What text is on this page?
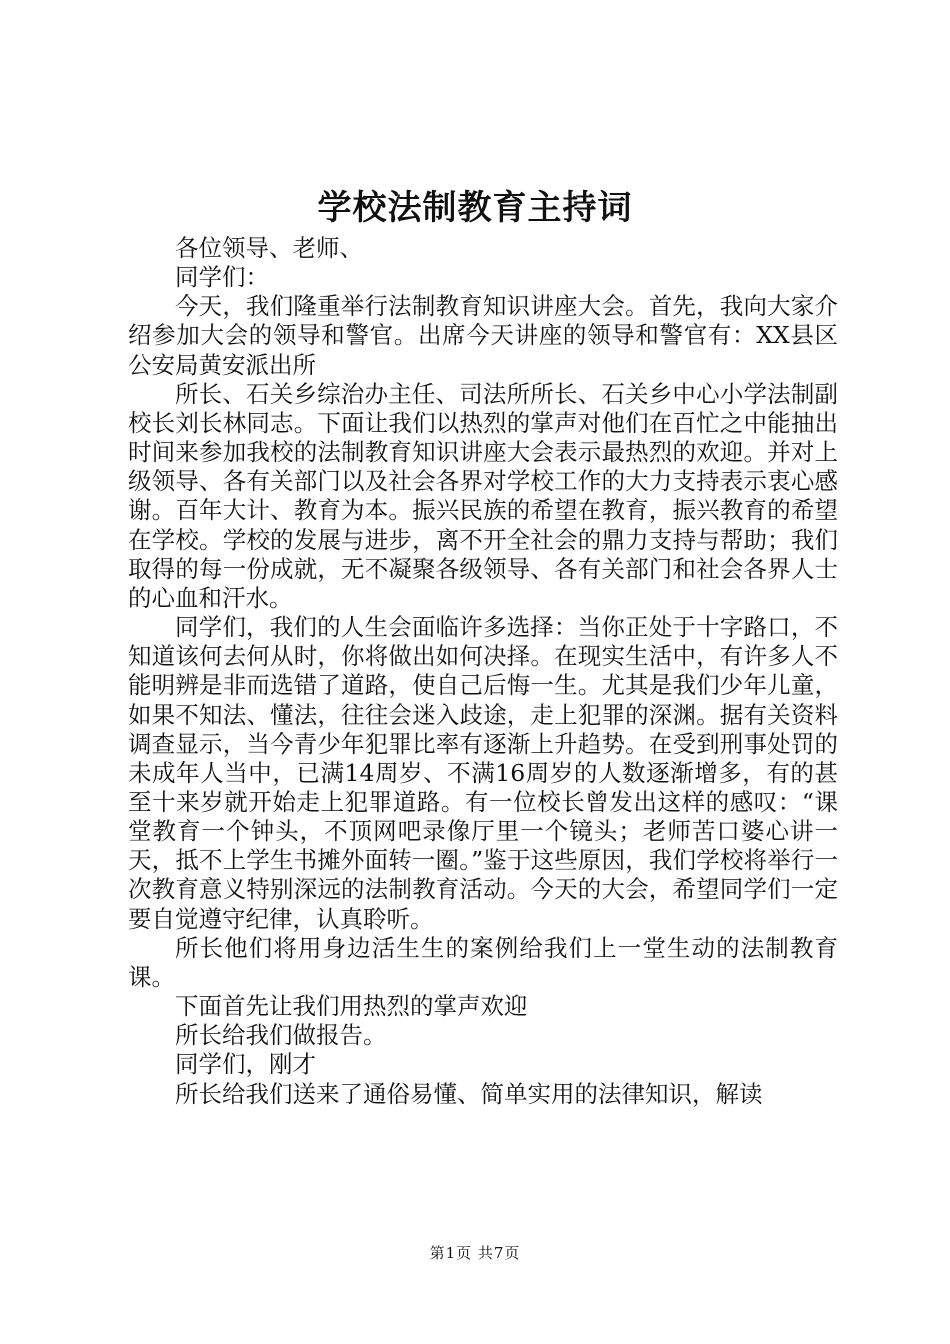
学校法制教育主持词

各位领导、老师、

同学们：

今天，我们隆重举行法制教育知识讲座大会。首先，我向大家介绍参加大会的领导和警官。出席今天讲座的领导和警官有：XX县区公安局黄安派出所

所长、石关乡综治办主任、司法所所长、石关乡中心小学法制副校长刘长林同志。下面让我们以热烈的掌声对他们在百忙之中能抽出时间来参加我校的法制教育知识讲座大会表示最热烈的欢迎。并对上级领导、各有关部门以及社会各界对学校工作的大力支持表示衷心感谢。百年大计、教育为本。振兴民族的希望在教育，振兴教育的希望在学校。学校的发展与进步，离不开全社会的鼎力支持与帮助；我们取得的每一份成就，无不凝聚各级领导、各有关部门和社会各界人士的心血和汗水。

同学们，我们的人生会面临许多选择：当你正处于十字路口，不知道该何去何从时，你将做出如何决择。在现实生活中，有许多人不能明辨是非而选错了道路，使自己后悔一生。尤其是我们少年儿童，如果不知法、懂法，往往会迷入歧途，走上犯罪的深渊。据有关资料调查显示，当今青少年犯罪比率有逐渐上升趋势。在受到刑事处罚的未成年人当中，已满14周岁、不满16周岁的人数逐渐增多，有的甚至十来岁就开始走上犯罪道路。有一位校长曾发出这样的感叹：“课堂教育一个钟头，不顶网吧录像厅里一个镜头；老师苦口婆心讲一天，抵不上学生书摊外面转一圈。”鉴于这些原因，我们学校将举行一次教育意义特别深远的法制教育活动。今天的大会，希望同学们一定要自觉遵守纪律，认真聆听。

所长他们将用身边活生生的案例给我们上一堂生动的法制教育课。

下面首先让我们用热烈的掌声欢迎

所长给我们做报告。

同学们，刚才

所长给我们送来了通俗易懂、简单实用的法律知识，解读

第1页 共7页
